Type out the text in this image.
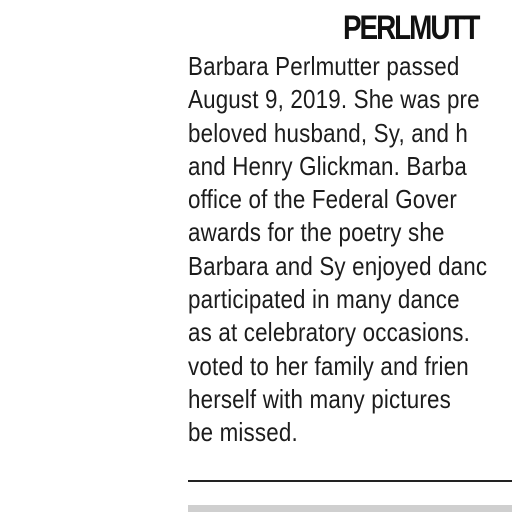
PERLMUTT
Barbara Perlmutter passed
August 9, 2019. She was pre
beloved husband, Sy, and h
and Henry Glickman. Barba
office of the Federal Gover
awards for the poetry she
Barbara and Sy enjoyed danc
participated in many dance
as at celebratory occasions.
voted to her family and frien
herself with many pictures
be missed.
